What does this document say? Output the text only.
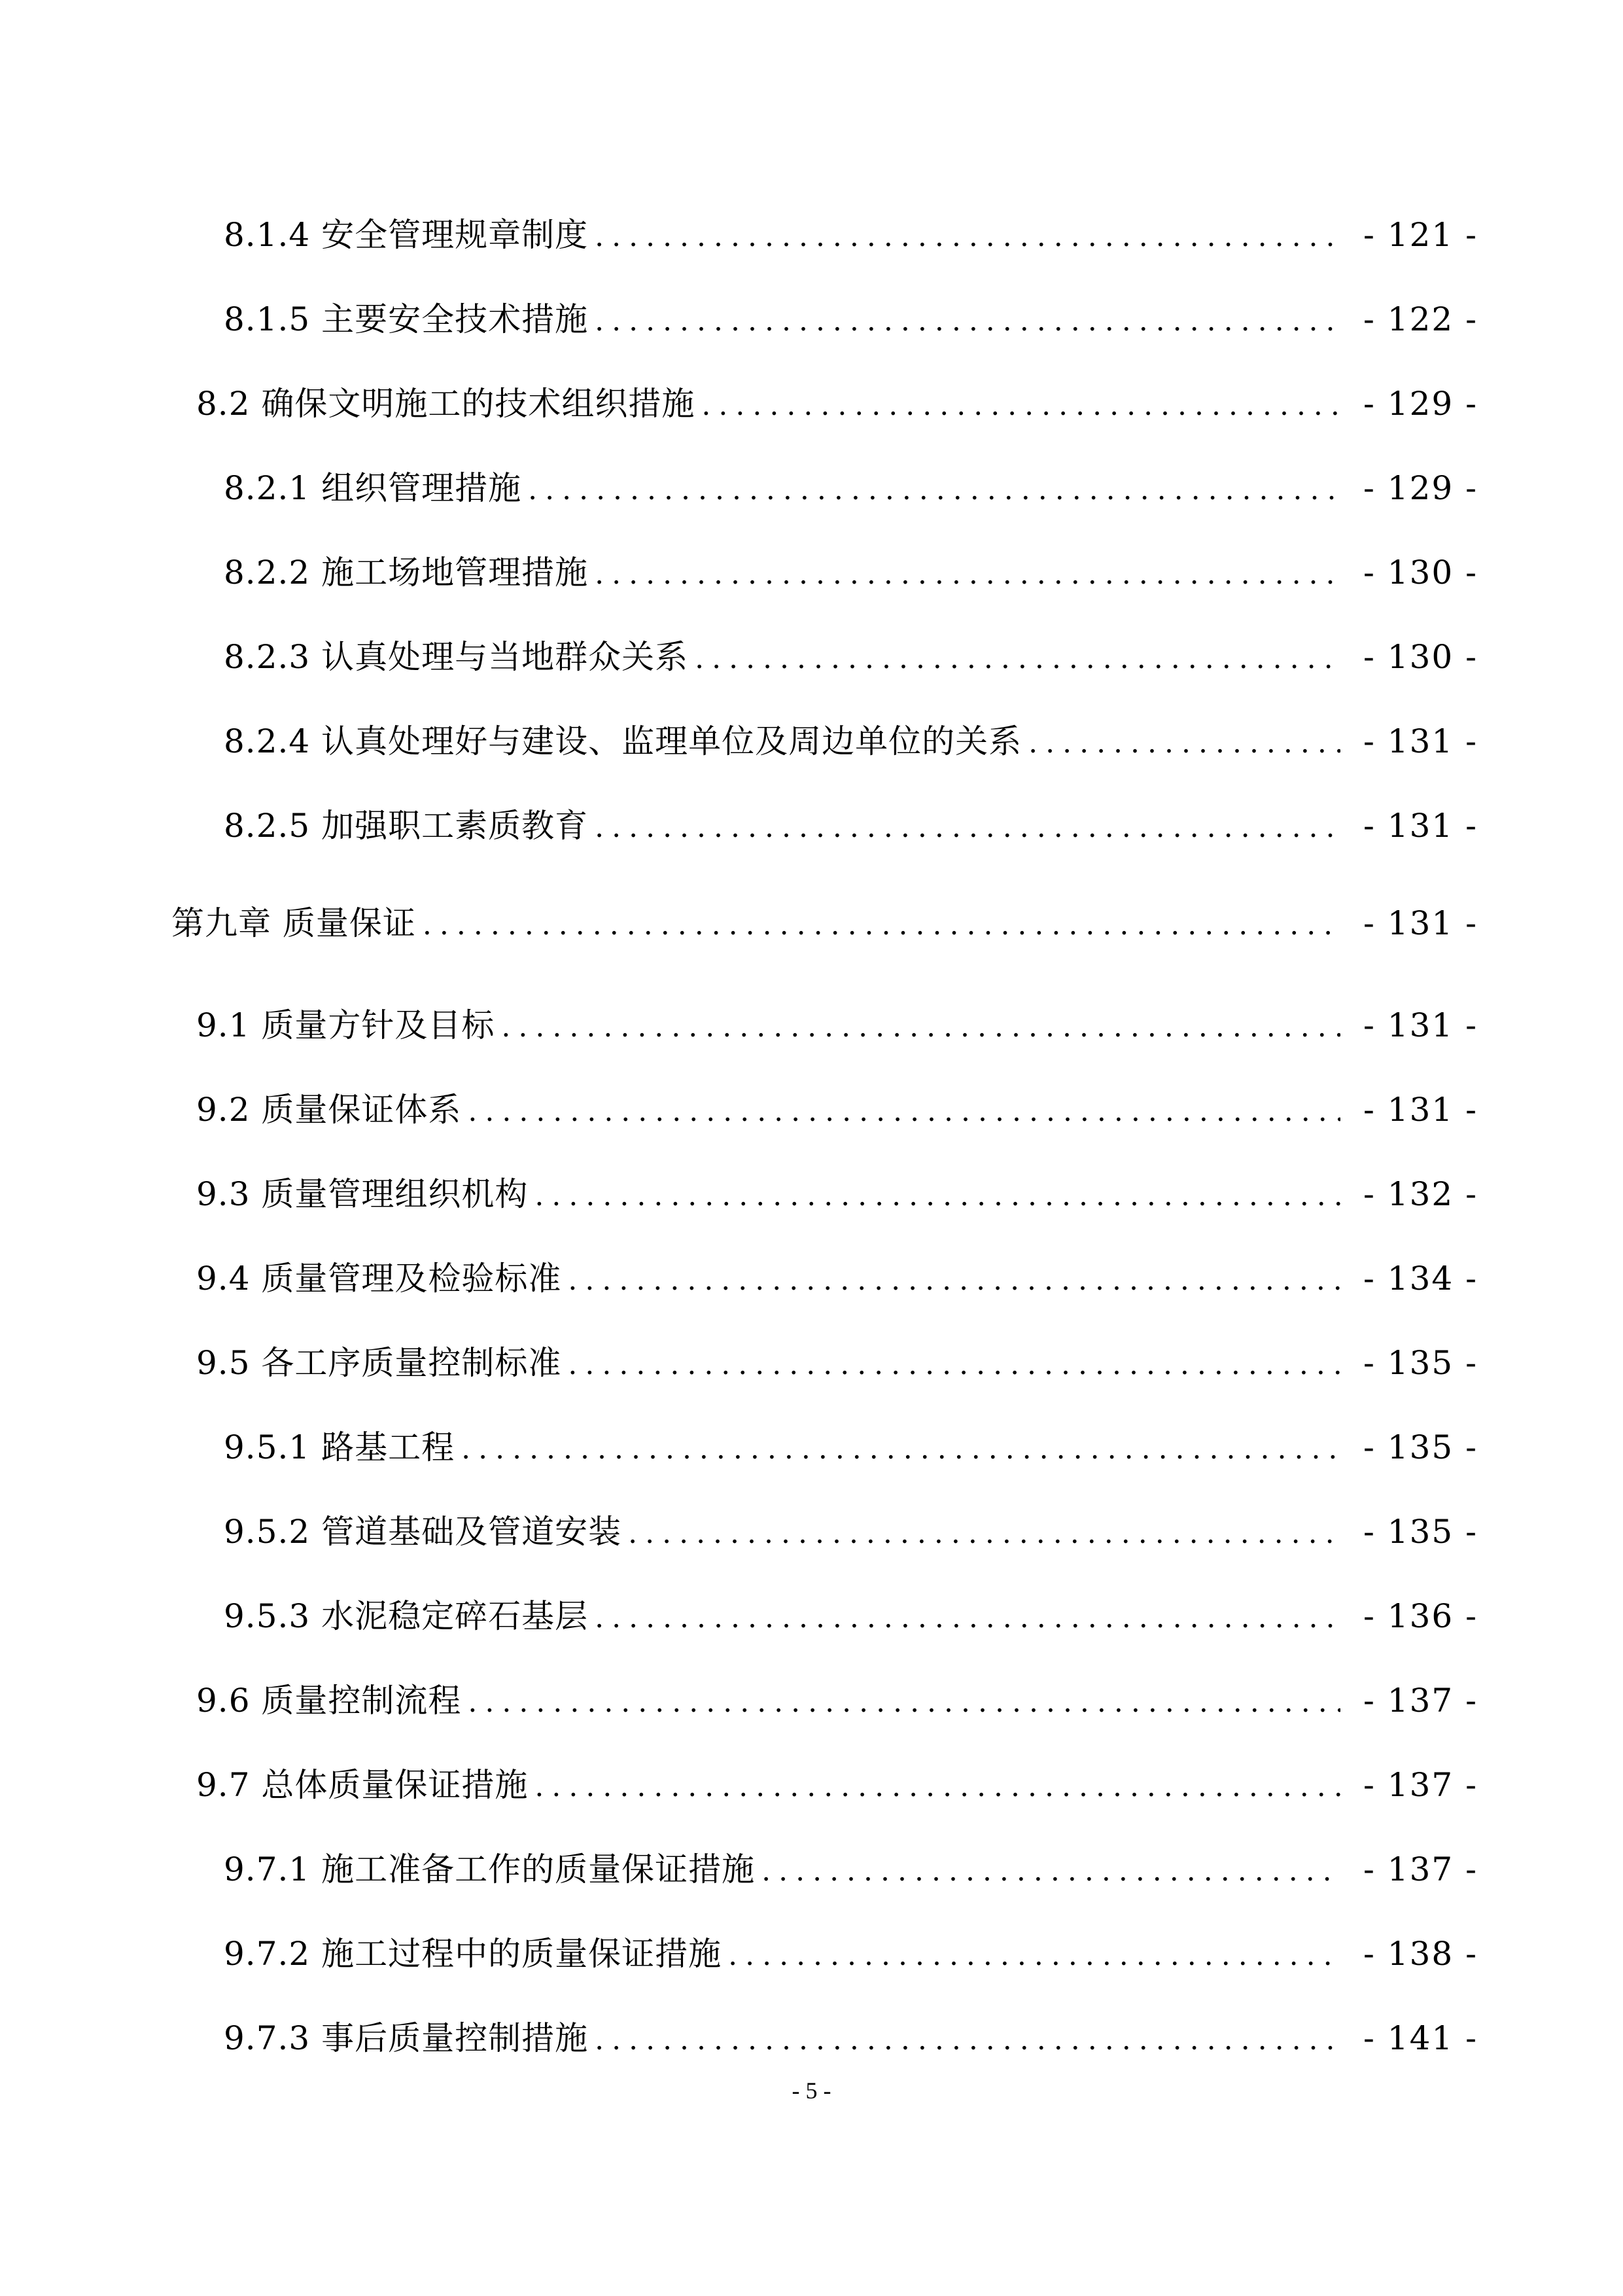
8.1.4 安全管理规章制度 .....	- 121 -
8.1.5 主要安全技术措施 .....	- 122 -
8.2 确保文明施工的技术组织措施 .....	- 129 -
8.2.1 组织管理措施 .....	- 129 -
8.2.2 施工场地管理措施 .....	- 130 -
8.2.3 认真处理与当地群众关系 .....	- 130 -
8.2.4 认真处理好与建设、监理单位及周边单位的关系 .....	- 131 -
8.2.5 加强职工素质教育 .....	- 131 -
第九章 质量保证 .....	- 131 -
9.1 质量方针及目标 .....	- 131 -
9.2 质量保证体系 .....	- 131 -
9.3 质量管理组织机构 .....	- 132 -
9.4 质量管理及检验标准 .....	- 134 -
9.5 各工序质量控制标准 .....	- 135 -
9.5.1 路基工程 .....	- 135 -
9.5.2 管道基础及管道安装 .....	- 135 -
9.5.3 水泥稳定碎石基层 .....	- 136 -
9.6 质量控制流程 .....	- 137 -
9.7 总体质量保证措施 .....	- 137 -
9.7.1 施工准备工作的质量保证措施 .....	- 137 -
9.7.2 施工过程中的质量保证措施 .....	- 138 -
9.7.3 事后质量控制措施 .....	- 141 -
- 5 -
